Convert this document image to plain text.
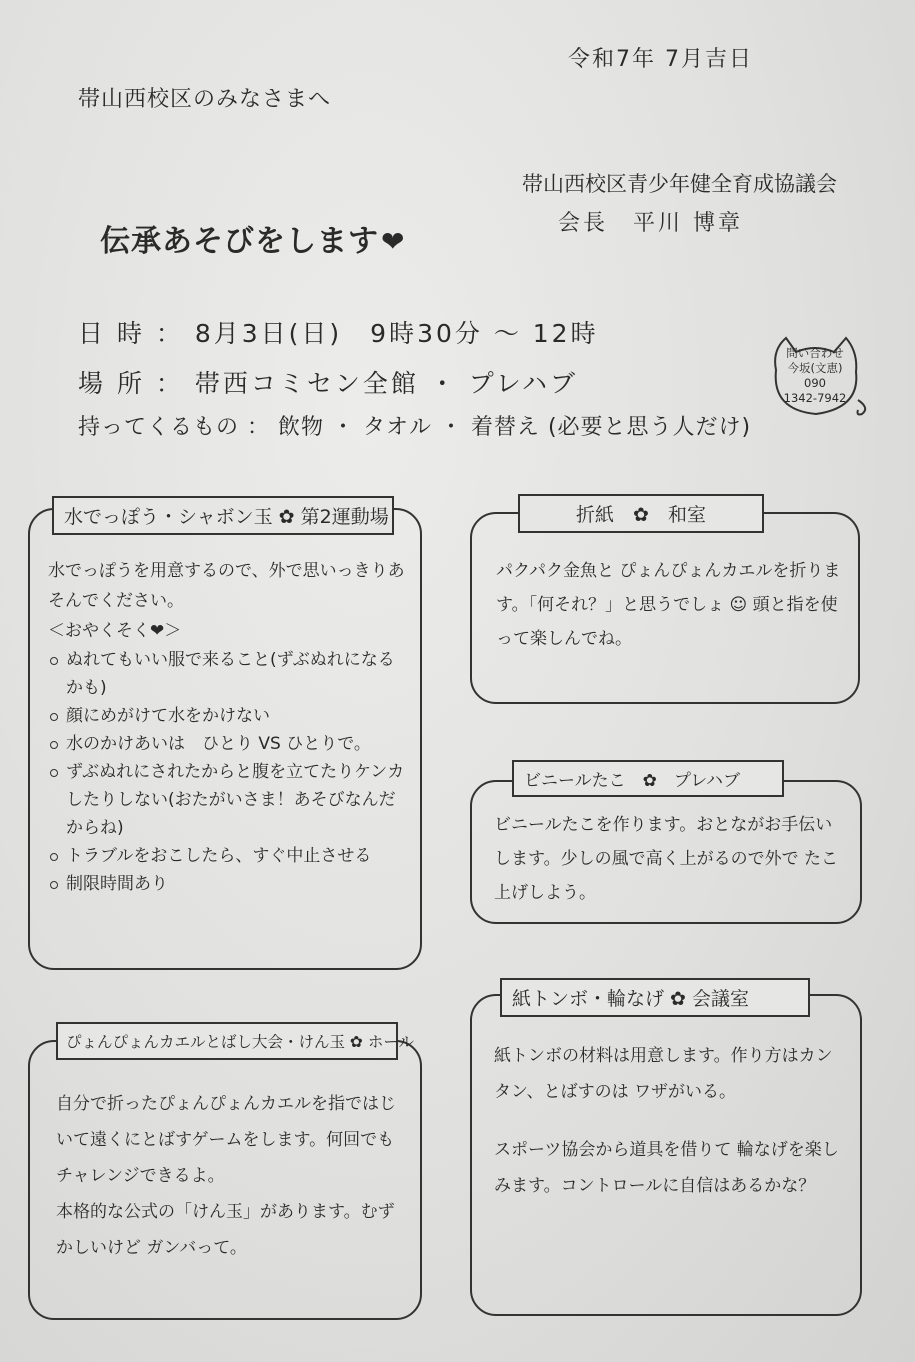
令和7年 7月吉日
帯山西校区のみなさまへ
帯山西校区青少年健全育成協議会
会長　平川 博章
伝承あそびをします❤
日 時 ： 8月3日(日)　9時30分 ～ 12時
場 所 ： 帯西コミセン全館 ・ プレハブ
持ってくるもの ： 飲物 ・ タオル ・ 着替え (必要と思う人だけ)
問い合わせ
今坂(文恵)
090
1342-7942
水でっぽう・シャボン玉 ✿ 第2運動場

水でっぽうを用意するので、外で思いっきりあそんでください。

＜おやくそく❤＞

ぬれてもいい服で来ること(ずぶぬれになるかも)
顔にめがけて水をかけない
水のかけあいは　ひとり VS ひとりで。
ずぶぬれにされたからと腹を立てたりケンカしたりしない(おたがいさま！あそびなんだからね)
トラブルをおこしたら、すぐ中止させる
制限時間あり
折紙　✿　和室
パクパク金魚と ぴょんぴょんカエルを折ります。「何それ？」と思うでしょ ☺ 頭と指を使って楽しんでね。
ビニールたこ　✿　プレハブ
ビニールたこを作ります。おとながお手伝いします。少しの風で高く上がるので外で たこ上げしよう。
ぴょんぴょんカエルとばし大会・けん玉 ✿ ホール

自分で折ったぴょんぴょんカエルを指ではじいて遠くにとばすゲームをします。何回でもチャレンジできるよ。

本格的な公式の「けん玉」があります。むずかしいけど ガンバって。

紙トンボ・輪なげ ✿ 会議室

紙トンボの材料は用意します。作り方はカンタン、とばすのは ワザがいる。

スポーツ協会から道具を借りて 輪なげを楽しみます。コントロールに自信はあるかな？
